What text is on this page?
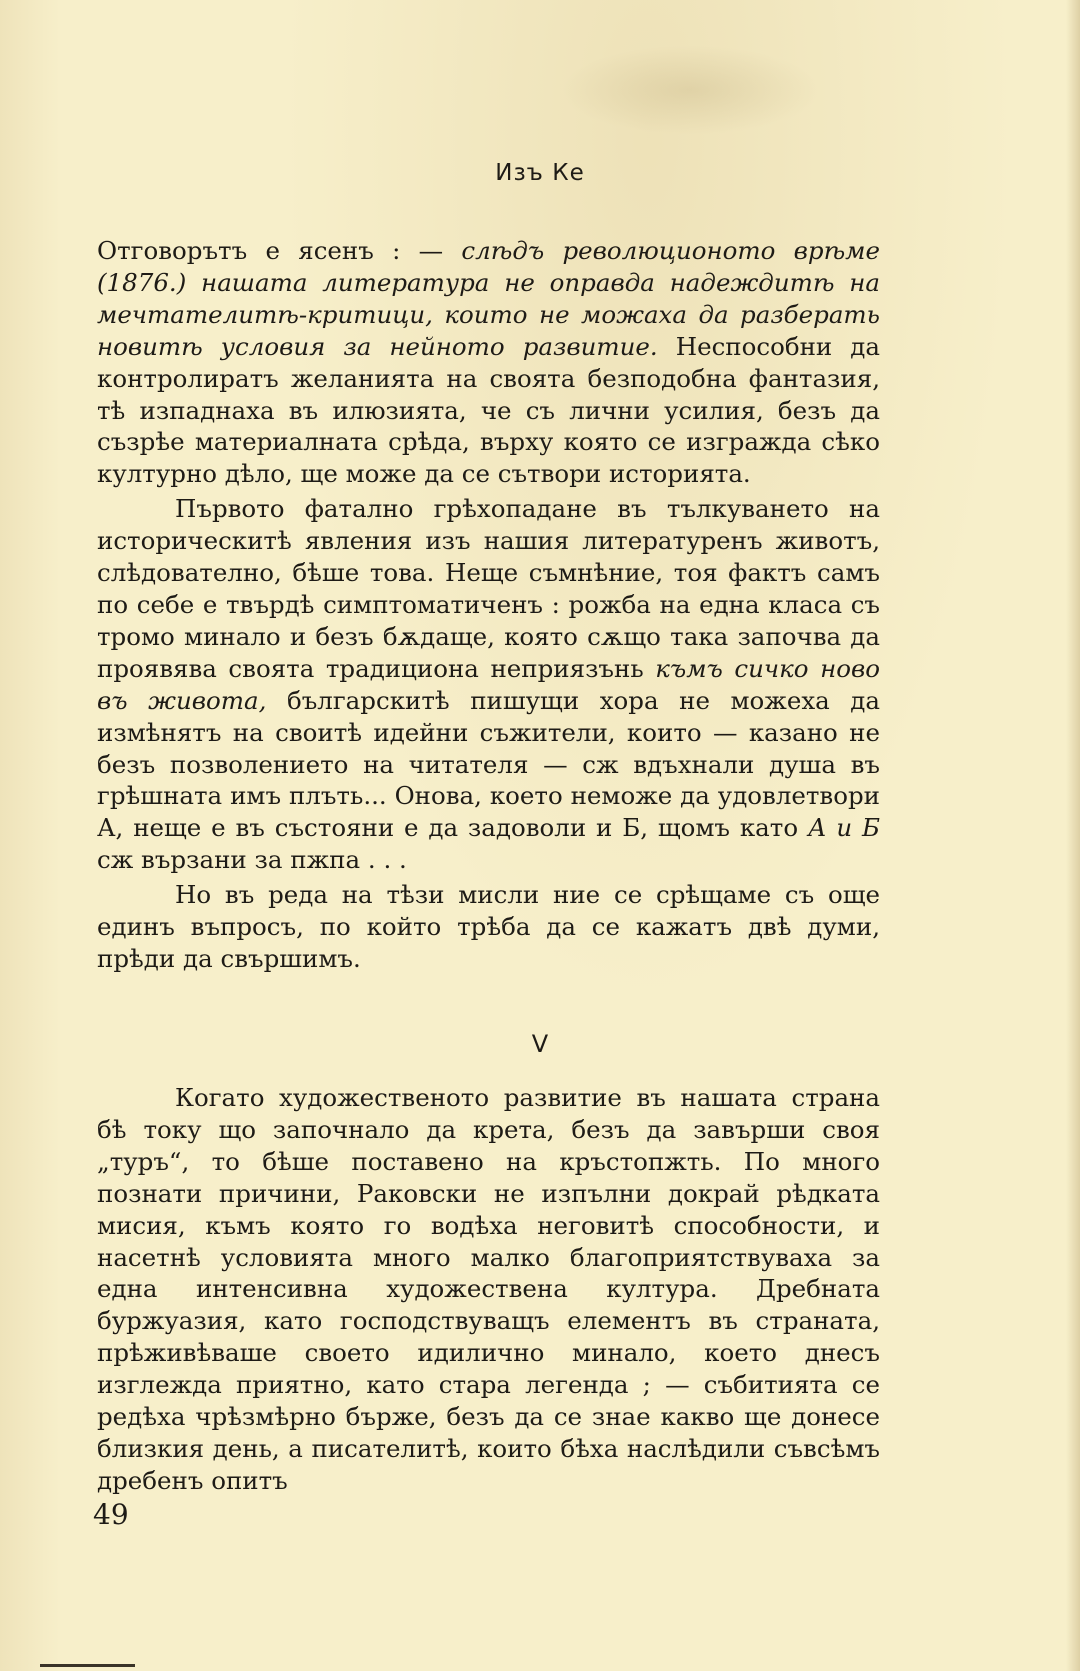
Изъ Ке

Отговорътъ е ясенъ : — слѣдъ революционото врѣме (1876.) нашата литература не оправда надеждитѣ на мечтателитѣ-критици, които не можаха да разберать новитѣ условия за нейното развитие. Неспособни да контролиратъ желанията на своята безподобна фантазия, тѣ изпаднаха въ илюзията, че съ лични усилия, безъ да съзрѣе материалната срѣда, върху която се изгражда сѣко културно дѣло, ще може да се сътвори историята.

Първото фатално грѣхопадане въ тълкуването на историческитѣ явления изъ нашия литературенъ животъ, слѣдователно, бѣше това. Неще съмнѣние, тоя фактъ самъ по себе е твърдѣ симптоматиченъ : рожба на една класа съ тромо минало и безъ бѫдаще, която сѫщо така започва да проявява своята традициона неприязънь къмъ сичко ново въ живота, българскитѣ пишущи хора не можеха да измѣнятъ на своитѣ идейни съжители, които — казано не безъ позволението на читателя — сж вдъхнали душа въ грѣшната имъ плъть... Онова, което неможе да удовлетвори А, неще е въ състояни е да задоволи и Б, щомъ като А и Б сж вързани за пжпа . . .

Но въ реда на тѣзи мисли ние се срѣщаме съ още единъ въпросъ, по който трѣба да се кажатъ двѣ думи, прѣди да свършимъ.

V

Когато художественото развитие въ нашата страна бѣ току що започнало да крета, безъ да завърши своя „туръ“, то бѣше поставено на кръстопжть. По много познати причини, Раковски не изпълни докрай рѣдката мисия, къмъ която го водѣха неговитѣ способности, и насетнѣ условията много малко благоприятствуваха за една интенсивна художествена култура. Дребната буржуазия, като господствуващъ елементъ въ страната, прѣживѣваше своето идилично минало, което днесъ изглежда приятно, като стара легенда ; — събитията се редѣха чрѣзмѣрно бърже, безъ да се знае какво ще донесе близкия день, а писателитѣ, които бѣха наслѣдили съвсѣмъ дребенъ опитъ

49
